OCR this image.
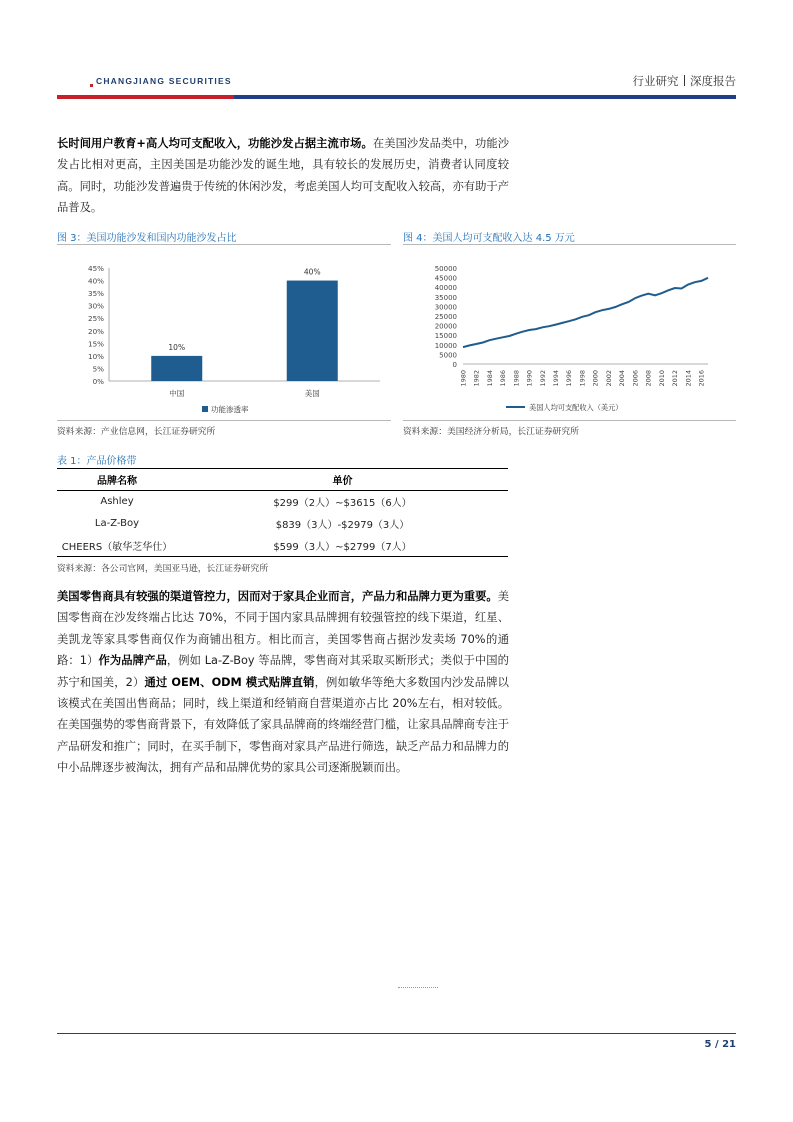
CHANGJIANG SECURITIES	行业研究 深度报告
长时间用户教育+高人均可支配收入，功能沙发占据主流市场。在美国沙发品类中，功能沙发占比相对更高，主因美国是功能沙发的诞生地，具有较长的发展历史，消费者认同度较高。同时，功能沙发普遍贵于传统的休闲沙发，考虑美国人均可支配收入较高，亦有助于产品普及。
图 3：美国功能沙发和国内功能沙发占比
0%
5%
10%
15%
20%
25%
30%
35%
40%
45%
10%
中国
40%
美国
功能渗透率
资料来源：产业信息网，长江证券研究所
图 4：美国人均可支配收入达 4.5 万元
0
5000
10000
15000
20000
25000
30000
35000
40000
45000
50000
1980 1982 1984 1986 1988 1990 1992 1994 1996 1998 2000 2002 2004 2006 2008 2010 2012 2014 2016
美国人均可支配收入（美元）
资料来源：美国经济分析局，长江证券研究所
表 1：产品价格带
品牌名称	单价
Ashley	$299（2人）~$3615（6人）
La-Z-Boy	$839（3人）-$2979（3人）
CHEERS（敏华芝华仕）	$599（3人）~$2799（7人）
资料来源：各公司官网，美国亚马逊，长江证券研究所
美国零售商具有较强的渠道管控力，因而对于家具企业而言，产品力和品牌力更为重要。美国零售商在沙发终端占比达 70%，不同于国内家具品牌拥有较强管控的线下渠道，红星、美凯龙等家具零售商仅作为商铺出租方。相比而言，美国零售商占据沙发卖场 70%的通路：1）作为品牌产品，例如 La-Z-Boy 等品牌，零售商对其采取买断形式；类似于中国的苏宁和国美，2）通过 OEM、ODM 模式贴牌直销，例如敏华等绝大多数国内沙发品牌以该模式在美国出售商品；同时，线上渠道和经销商自营渠道亦占比 20%左右，相对较低。在美国强势的零售商背景下，有效降低了家具品牌商的终端经营门槛，让家具品牌商专注于产品研发和推广；同时，在买手制下，零售商对家具产品进行筛选，缺乏产品力和品牌力的中小品牌逐步被淘汰，拥有产品和品牌优势的家具公司逐渐脱颖而出。
5 / 21
